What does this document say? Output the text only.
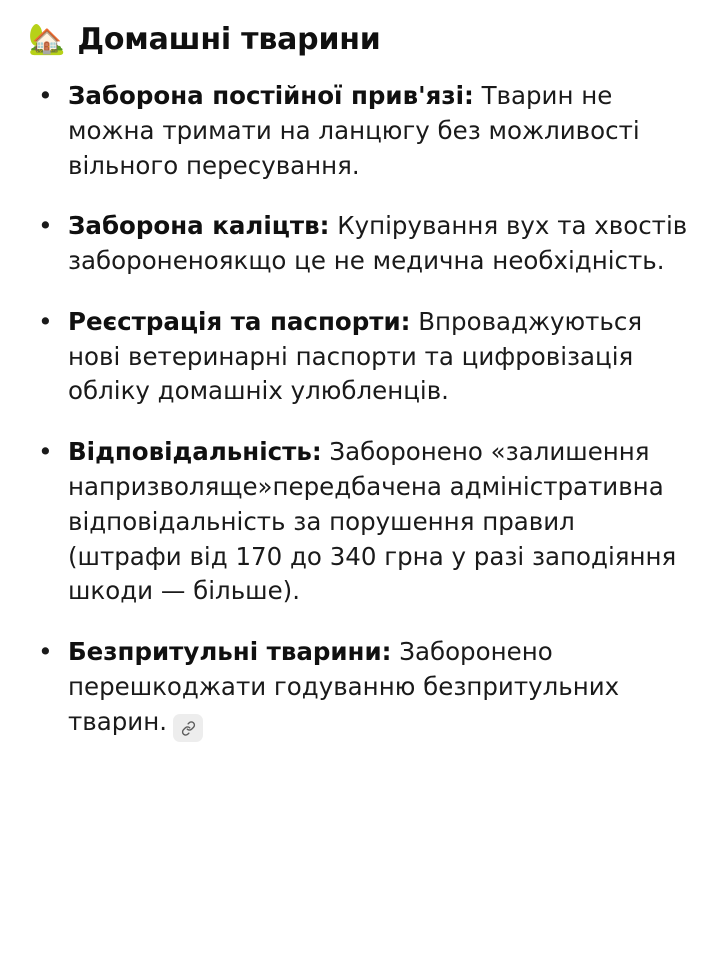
🏡 Домашні тварини
• Заборона постійної прив'язі: Тварин не можна тримати на ланцюгу без можливості вільного пересування.
• Заборона каліцтв: Купірування вух та хвостів забороненоякщо це не медична необхідність.
• Реєстрація та паспорти: Впроваджуються нові ветеринарні паспорти та цифровізація обліку домашніх улюбленців.
• Відповідальність: Заборонено «залишення напризволяще»передбачена адміністративна відповідальність за порушення правил (штрафи від 170 до 340 грна у разі заподіяння шкоди — більше).
• Безпритульні тварини: Заборонено перешкоджати годуванню безпритульних тварин.
